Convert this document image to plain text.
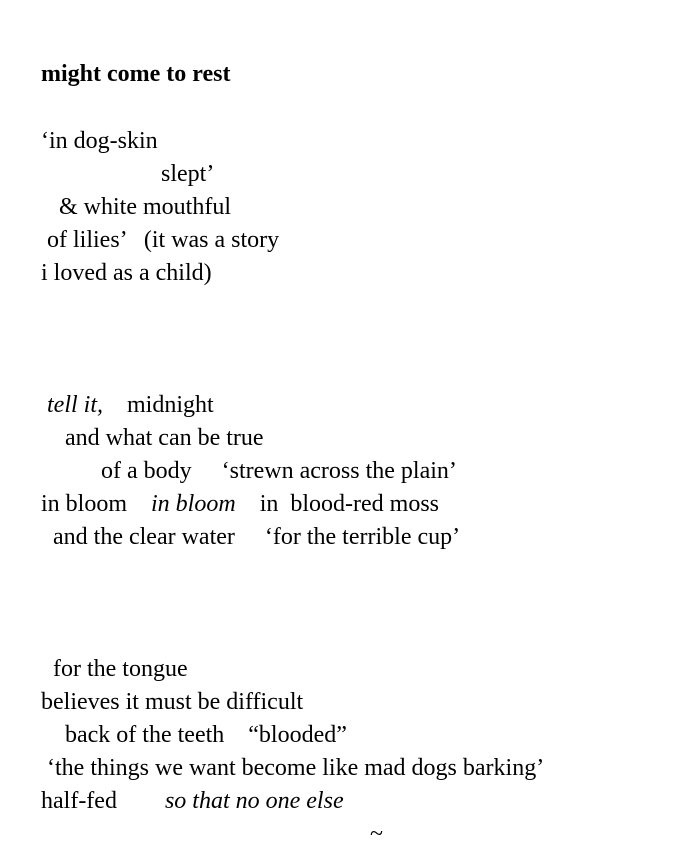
might come to rest
‘in dog-skin
slept’
& white mouthful
of lilies’   (it was a story
i loved as a child)
tell it,    midnight
and what can be true
of a body     ‘strewn across the plain’
in bloom    in bloom    in  blood-red moss
and the clear water     ‘for the terrible cup’
for the tongue
believes it must be difficult
back of the teeth    “blooded”
‘the things we want become like mad dogs barking’
half-fed        so that no one else
~
